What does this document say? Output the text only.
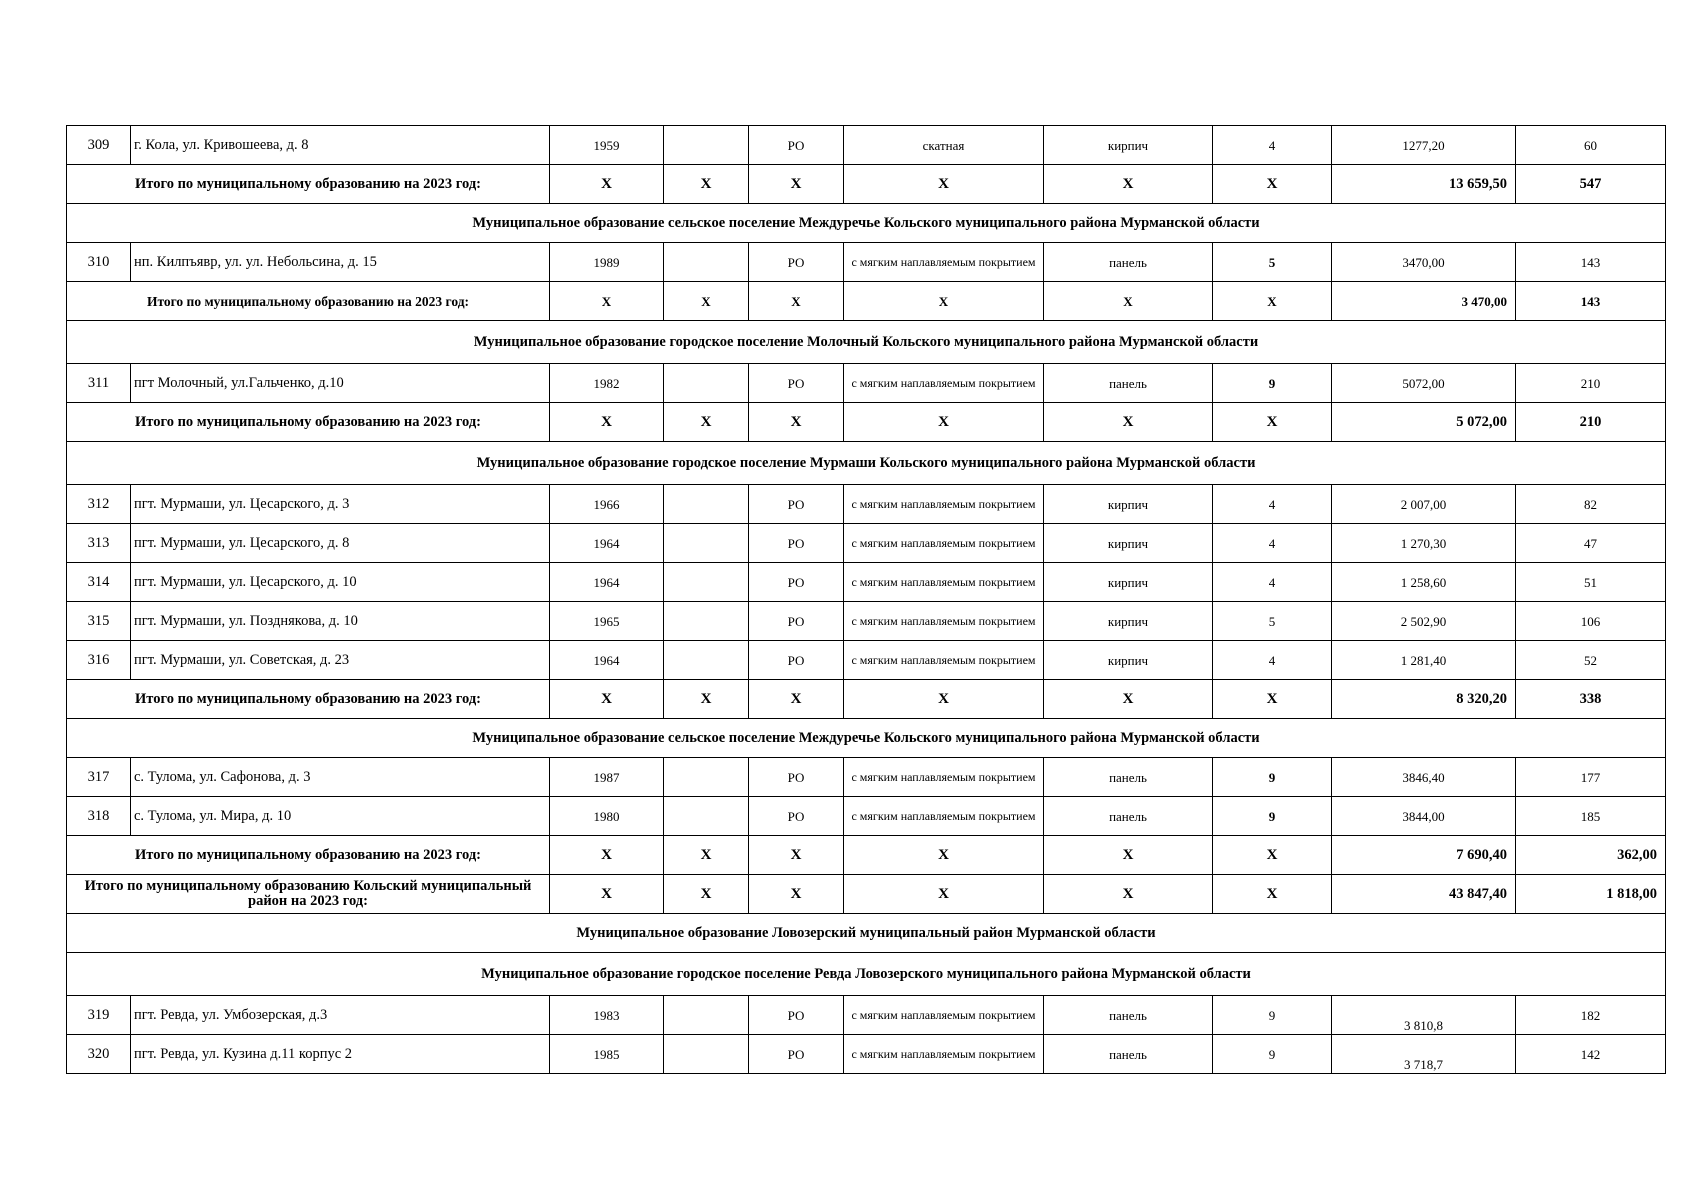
309	г. Кола, ул. Кривошеева, д. 8	1959		РО	скатная	кирпич	4	1277,20	60
Итого по муниципальному образованию на 2023 год:		X	X	X	X	X	X	13 659,50	547
Муниципальное образование сельское поселение Междуречье Кольского муниципального района Мурманской области									
310	нп. Килпъявр, ул. ул. Небольсина, д. 15	1989		РО	с мягким наплавляемым покрытием	панель	5	3470,00	143
Итого по муниципальному образованию на 2023 год:		X	X	X	X	X	X	3 470,00	143
Муниципальное образование городское поселение Молочный Кольского муниципального района Мурманской области									
311	пгт Молочный, ул.Гальченко, д.10	1982		РО	с мягким наплавляемым покрытием	панель	9	5072,00	210
Итого по муниципальному образованию на 2023 год:		X	X	X	X	X	X	5 072,00	210
Муниципальное образование городское поселение Мурмаши Кольского муниципального района Мурманской области									
312	пгт. Мурмаши, ул. Цесарского, д. 3	1966		РО	с мягким наплавляемым покрытием	кирпич	4	2 007,00	82
313	пгт. Мурмаши, ул. Цесарского, д. 8	1964		РО	с мягким наплавляемым покрытием	кирпич	4	1 270,30	47
314	пгт. Мурмаши, ул. Цесарского, д. 10	1964		РО	с мягким наплавляемым покрытием	кирпич	4	1 258,60	51
315	пгт. Мурмаши, ул. Позднякова, д. 10	1965		РО	с мягким наплавляемым покрытием	кирпич	5	2 502,90	106
316	пгт. Мурмаши, ул. Советская, д. 23	1964		РО	с мягким наплавляемым покрытием	кирпич	4	1 281,40	52
Итого по муниципальному образованию на 2023 год:		X	X	X	X	X	X	8 320,20	338
Муниципальное образование сельское поселение Междуречье Кольского муниципального района Мурманской области									
317	с. Тулома, ул. Сафонова, д. 3	1987		РО	с мягким наплавляемым покрытием	панель	9	3846,40	177
318	с. Тулома, ул. Мира, д. 10	1980		РО	с мягким наплавляемым покрытием	панель	9	3844,00	185
Итого по муниципальному образованию на 2023 год:		X	X	X	X	X	X	7 690,40	362,00
Итого по муниципальному образованию Кольский муниципальный район на 2023 год:		X	X	X	X	X	X	43 847,40	1 818,00
Муниципальное образование Ловозерский муниципальный район Мурманской области									
Муниципальное образование городское поселение Ревда Ловозерского муниципального района Мурманской области									
319	пгт. Ревда, ул. Умбозерская, д.3	1983		РО	с мягким наплавляемым покрытием	панель	9	3 810,8	182
320	пгт. Ревда, ул. Кузина д.11 корпус 2	1985		РО	с мягким наплавляемым покрытием	панель	9	3 718,7	142
